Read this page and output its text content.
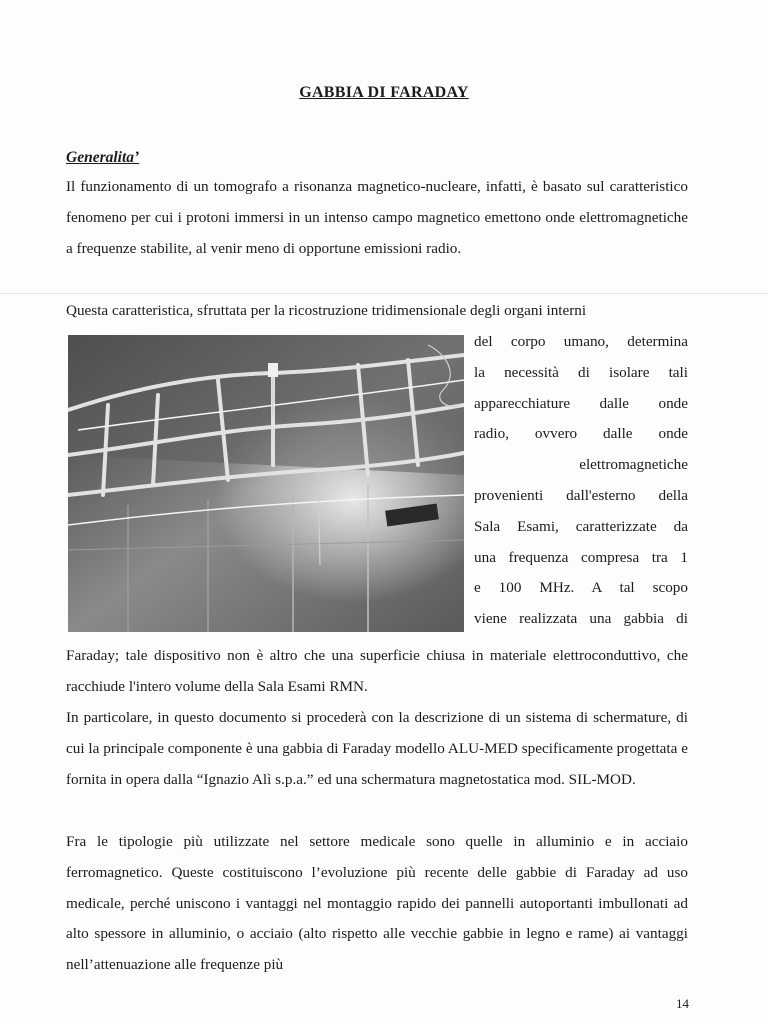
GABBIA DI FARADAY
Generalita’

Il funzionamento di un tomografo a risonanza magnetico-nucleare, infatti, è basato sul caratteristico fenomeno per cui i protoni immersi in un intenso campo magnetico emettono onde elettromagnetiche a frequenze stabilite, al venir meno di opportune emissioni radio.

Questa caratteristica, sfruttata per la ricostruzione tridimensionale degli organi interni

del corpo umano, determina
la necessità di isolare tali
apparecchiature dalle onde
radio, ovvero dalle onde
elettromagnetiche
provenienti dall'esterno della
Sala Esami, caratterizzate da
una frequenza compresa tra 1
e 100 MHz. A tal scopo
viene realizzata una gabbia di

Faraday; tale dispositivo non è altro che una superficie chiusa in materiale elettroconduttivo, che racchiude l'intero volume della Sala Esami RMN.

In particolare, in questo documento si procederà con la descrizione di un sistema di schermature, di cui la principale componente è una gabbia di Faraday modello ALU-MED specificamente progettata e fornita in opera dalla “Ignazio Alì s.p.a.” ed una schermatura magnetostatica mod. SIL-MOD.

Fra le tipologie più utilizzate nel settore medicale sono quelle in alluminio e in acciaio ferromagnetico. Queste costituiscono l’evoluzione più recente delle gabbie di Faraday ad uso medicale, perché uniscono i vantaggi nel montaggio rapido dei pannelli autoportanti imbullonati ad alto spessore in alluminio, o acciaio (alto rispetto alle vecchie gabbie in legno e rame) ai vantaggi nell’attenuazione alle frequenze più

14
